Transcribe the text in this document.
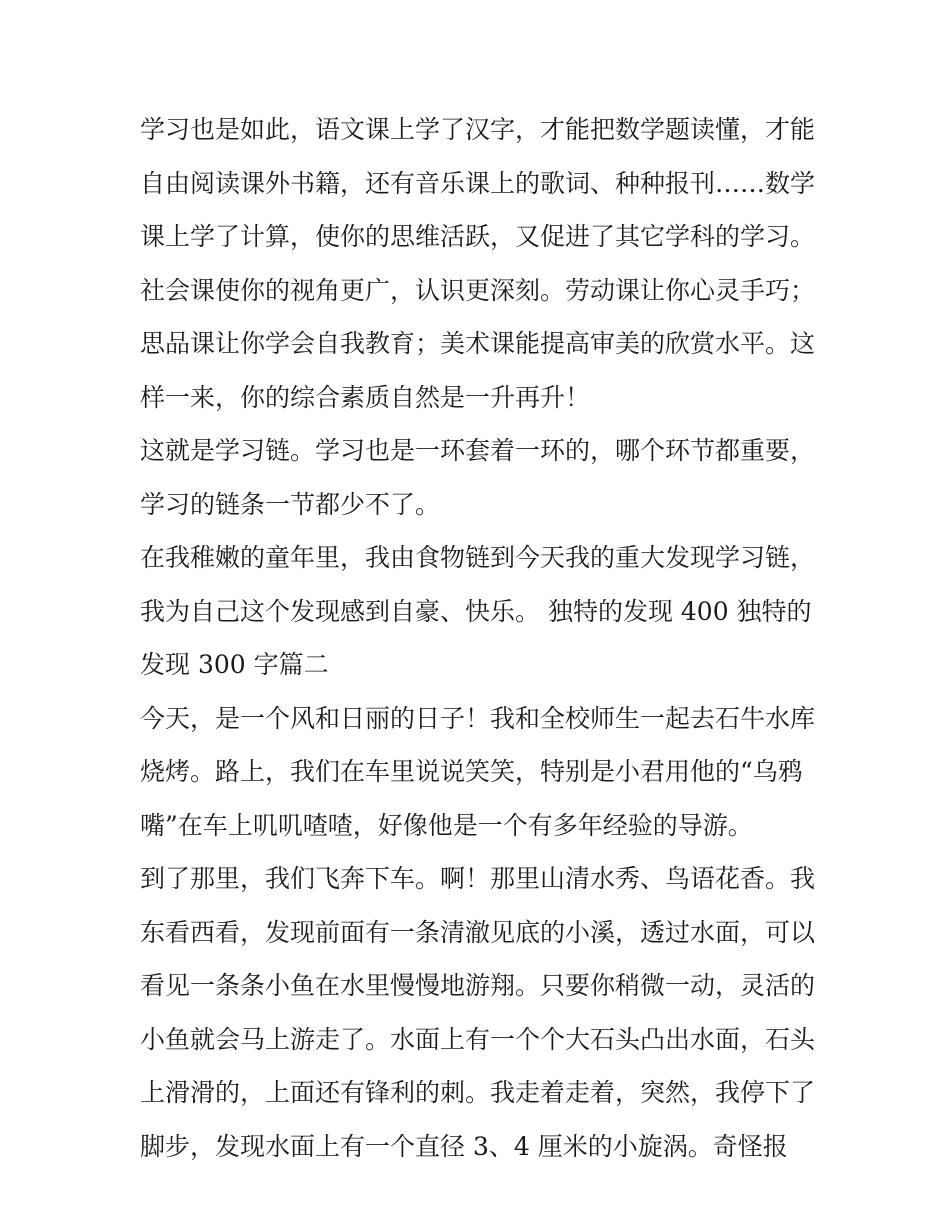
学习也是如此，语文课上学了汉字，才能把数学题读懂，才能
自由阅读课外书籍，还有音乐课上的歌词、种种报刊……数学
课上学了计算，使你的思维活跃，又促进了其它学科的学习。
社会课使你的视角更广，认识更深刻。劳动课让你心灵手巧；
思品课让你学会自我教育；美术课能提高审美的欣赏水平。这
样一来，你的综合素质自然是一升再升！
这就是学习链。学习也是一环套着一环的，哪个环节都重要，
学习的链条一节都少不了。
在我稚嫩的童年里，我由食物链到今天我的重大发现学习链，
我为自己这个发现感到自豪、快乐。 独特的发现 400 独特的
发现 300 字篇二
今天，是一个风和日丽的日子！我和全校师生一起去石牛水库
烧烤。路上，我们在车里说说笑笑，特别是小君用他的“乌鸦
嘴”在车上叽叽喳喳，好像他是一个有多年经验的导游。
到了那里，我们飞奔下车。啊！那里山清水秀、鸟语花香。我
东看西看，发现前面有一条清澈见底的小溪，透过水面，可以
看见一条条小鱼在水里慢慢地游翔。只要你稍微一动，灵活的
小鱼就会马上游走了。水面上有一个个大石头凸出水面，石头
上滑滑的，上面还有锋利的刺。我走着走着，突然，我停下了
脚步，发现水面上有一个直径 3、4 厘米的小旋涡。奇怪报
